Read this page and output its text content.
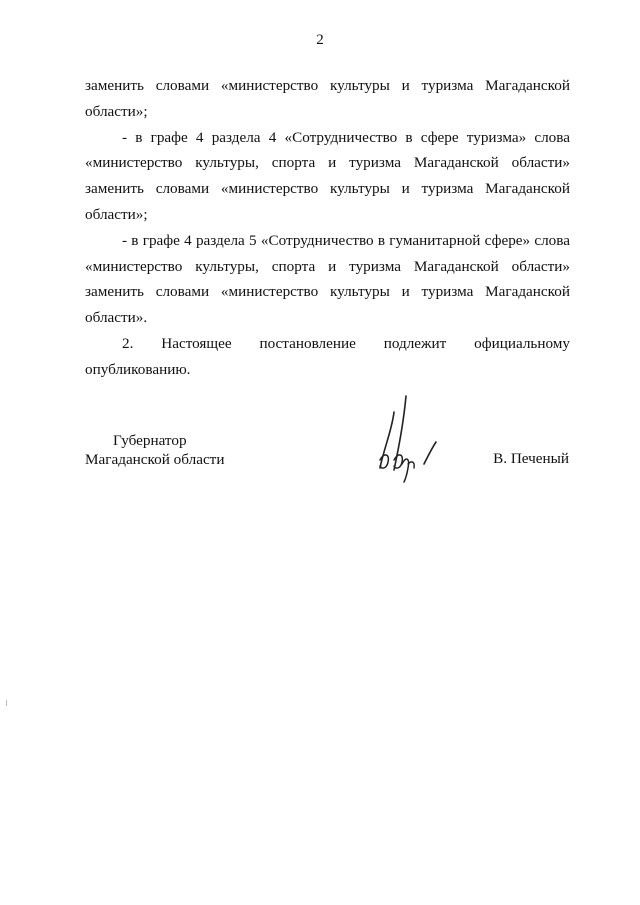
2

заменить словами «министерство культуры и туризма Магаданской области»;

- в графе 4 раздела 4 «Сотрудничество в сфере туризма» слова «министерство культуры, спорта и туризма Магаданской области» заменить словами «министерство культуры и туризма Магаданской области»;

- в графе 4 раздела 5 «Сотрудничество в гуманитарной сфере» слова «министерство культуры, спорта и туризма Магаданской области» заменить словами «министерство культуры и туризма Магаданской области».

2. Настоящее постановление подлежит официальному опубликованию.

Губернатор
Магаданской области	В. Печеный
